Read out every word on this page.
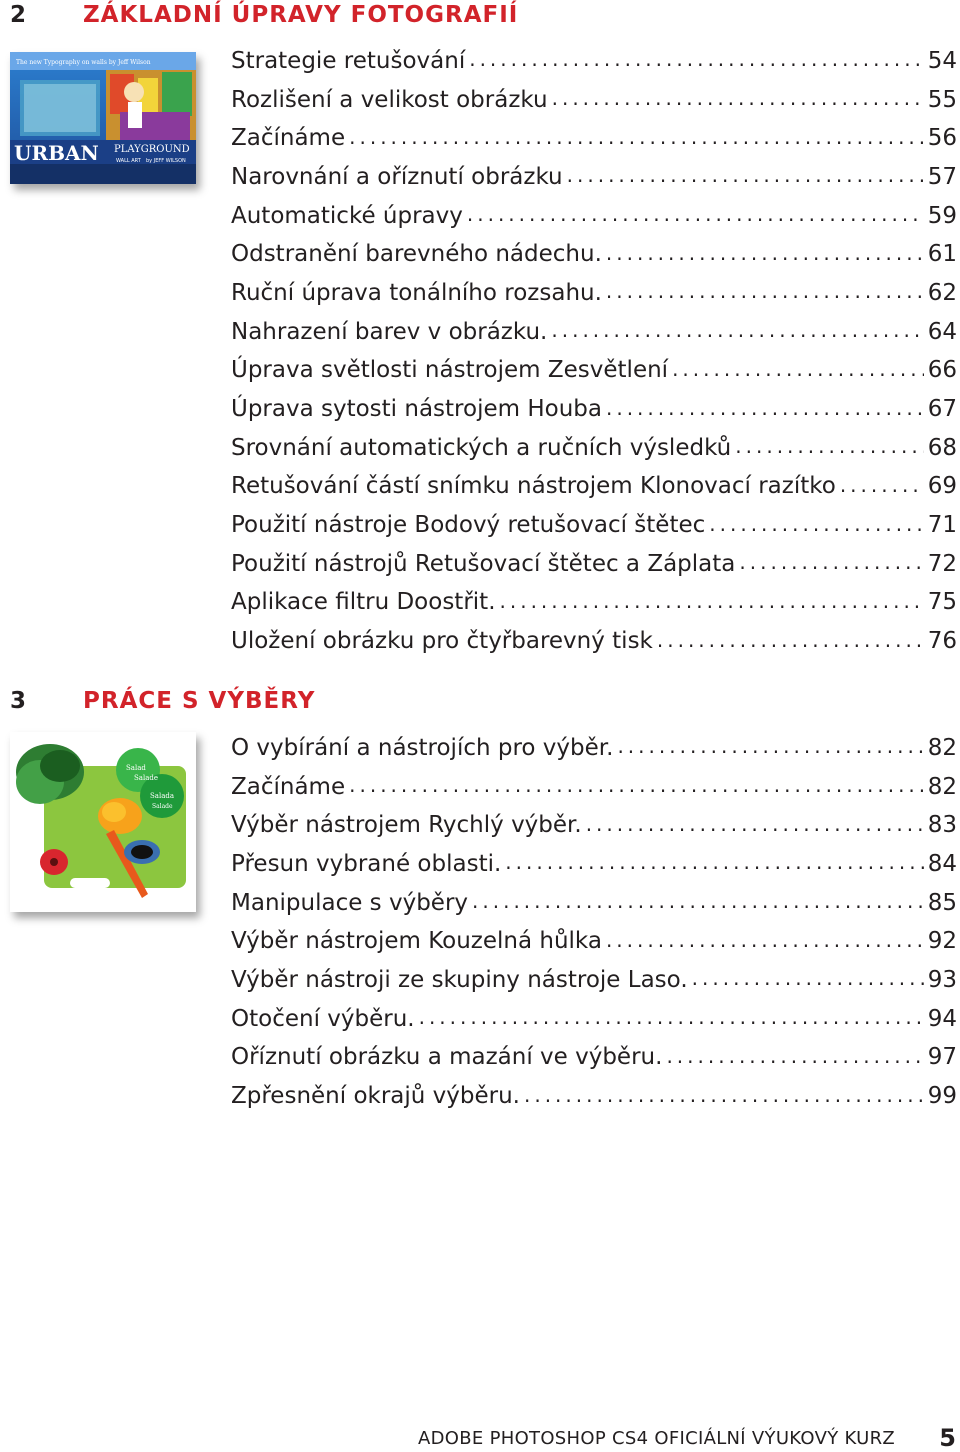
2 ZÁKLADNÍ ÚPRAVY FOTOGRAFIÍ
The new Typography on walls by Jeff Wilson
URBAN PLAYGROUND
WALL ART by JEFF WILSON
Strategie retušování .....	54
Rozlišení a velikost obrázku .....	55
Začínáme .....	56
Narovnání a oříznutí obrázku .....	57
Automatické úpravy .....	59
Odstranění barevného nádechu. .....	61
Ruční úprava tonálního rozsahu. .....	62
Nahrazení barev v obrázku. .....	64
Úprava světlosti nástrojem Zesvětlení .....	66
Úprava sytosti nástrojem Houba .....	67
Srovnání automatických a ručních výsledků .....	68
Retušování částí snímku nástrojem Klonovací razítko .....	69
Použití nástroje Bodový retušovací štětec .....	71
Použití nástrojů Retušovací štětec a Záplata .....	72
Aplikace filtru Doostřit. .....	75
Uložení obrázku pro čtyřbarevný tisk .....	76
3 PRÁCE S VÝBĚRY
Salad
Salade
Salada
Salade
O vybírání a nástrojích pro výběr. .....	82
Začínáme .....	82
Výběr nástrojem Rychlý výběr. .....	83
Přesun vybrané oblasti. .....	84
Manipulace s výběry .....	85
Výběr nástrojem Kouzelná hůlka .....	92
Výběr nástroji ze skupiny nástroje Laso. .....	93
Otočení výběru. .....	94
Oříznutí obrázku a mazání ve výběru. .....	97
Zpřesnění okrajů výběru. .....	99
ADOBE PHOTOSHOP CS4 OFICIÁLNÍ VÝUKOVÝ KURZ 5
